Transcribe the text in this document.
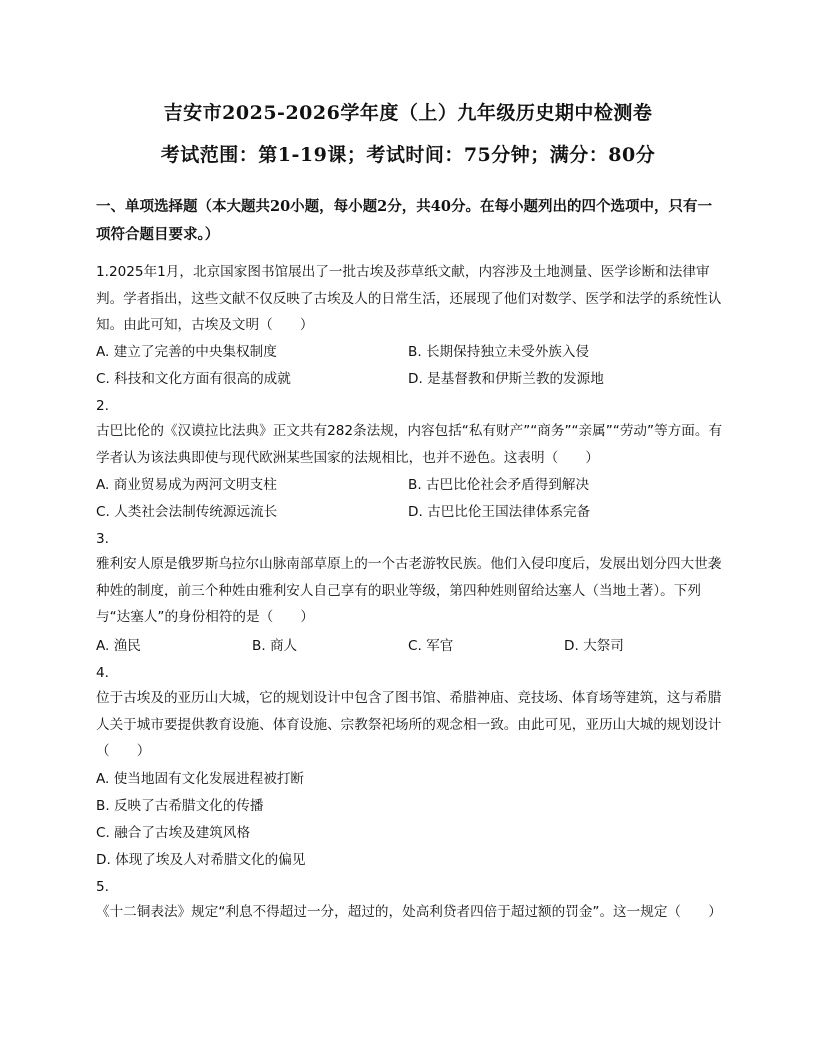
吉安市2025-2026学年度（上）九年级历史期中检测卷
考试范围：第1-19课；考试时间：75分钟；满分：80分
一、单项选择题（本大题共20小题，每小题2分，共40分。在每小题列出的四个选项中，只有一项符合题目要求。）

1.2025年1月，北京国家图书馆展出了一批古埃及莎草纸文献，内容涉及土地测量、医学诊断和法律审判。学者指出，这些文献不仅反映了古埃及人的日常生活，还展现了他们对数学、医学和法学的系统性认知。由此可知，古埃及文明（　　）

A. 建立了完善的中央集权制度	B. 长期保持独立未受外族入侵
C. 科技和文化方面有很高的成就	D. 是基督教和伊斯兰教的发源地
2.

古巴比伦的《汉谟拉比法典》正文共有282条法规，内容包括“私有财产”“商务”“亲属”“劳动”等方面。有学者认为该法典即使与现代欧洲某些国家的法规相比，也并不逊色。这表明（　　）

A. 商业贸易成为两河文明支柱	B. 古巴比伦社会矛盾得到解决
C. 人类社会法制传统源远流长	D. 古巴比伦王国法律体系完备
3.

雅利安人原是俄罗斯乌拉尔山脉南部草原上的一个古老游牧民族。他们入侵印度后，发展出划分四大世袭种姓的制度，前三个种姓由雅利安人自己享有的职业等级，第四种姓则留给达塞人（当地土著）。下列与“达塞人”的身份相符的是（　　）

A. 渔民	B. 商人	C. 军官	D. 大祭司
4.

位于古埃及的亚历山大城，它的规划设计中包含了图书馆、希腊神庙、竞技场、体育场等建筑，这与希腊人关于城市要提供教育设施、体育设施、宗教祭祀场所的观念相一致。由此可见，亚历山大城的规划设计（　　）

A. 使当地固有文化发展进程被打断
B. 反映了古希腊文化的传播
C. 融合了古埃及建筑风格
D. 体现了埃及人对希腊文化的偏见
5.

《十二铜表法》规定“利息不得超过一分，超过的，处高利贷者四倍于超过额的罚金”。这一规定（　　）
